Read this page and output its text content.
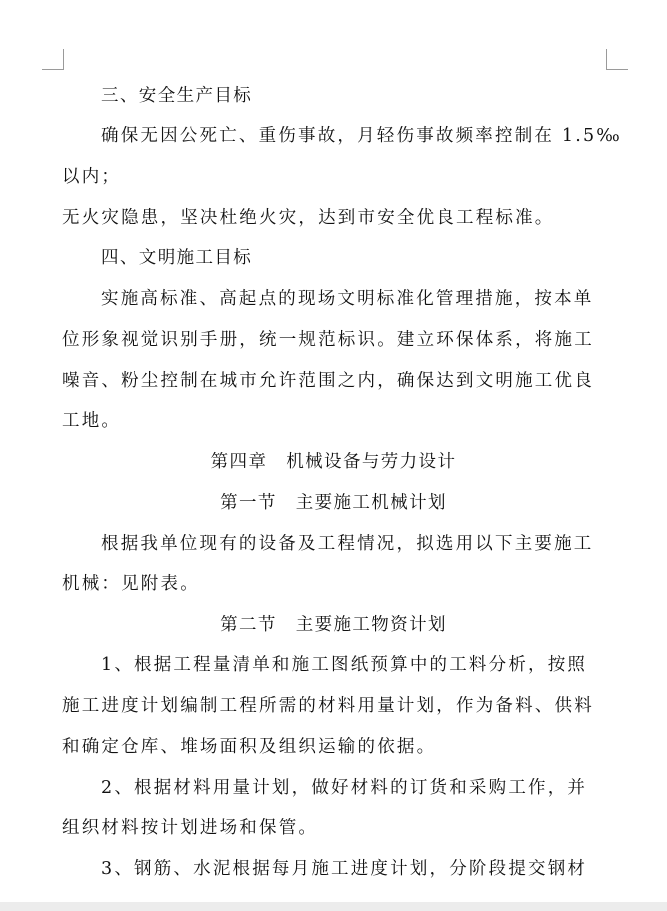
三、安全生产目标

确保无因公死亡、重伤事故，月轻伤事故频率控制在 1.5‰

以内；

无火灾隐患，坚决杜绝火灾，达到市安全优良工程标准。

四、文明施工目标

实施高标准、高起点的现场文明标准化管理措施，按本单

位形象视觉识别手册，统一规范标识。建立环保体系，将施工

噪音、粉尘控制在城市允许范围之内，确保达到文明施工优良

工地。

第四章　机械设备与劳力设计

第一节　主要施工机械计划

根据我单位现有的设备及工程情况，拟选用以下主要施工

机械：见附表。

第二节　主要施工物资计划

1、根据工程量清单和施工图纸预算中的工料分析，按照

施工进度计划编制工程所需的材料用量计划，作为备料、供料

和确定仓库、堆场面积及组织运输的依据。

2、根据材料用量计划，做好材料的订货和采购工作，并

组织材料按计划进场和保管。

3、钢筋、水泥根据每月施工进度计划，分阶段提交钢材
